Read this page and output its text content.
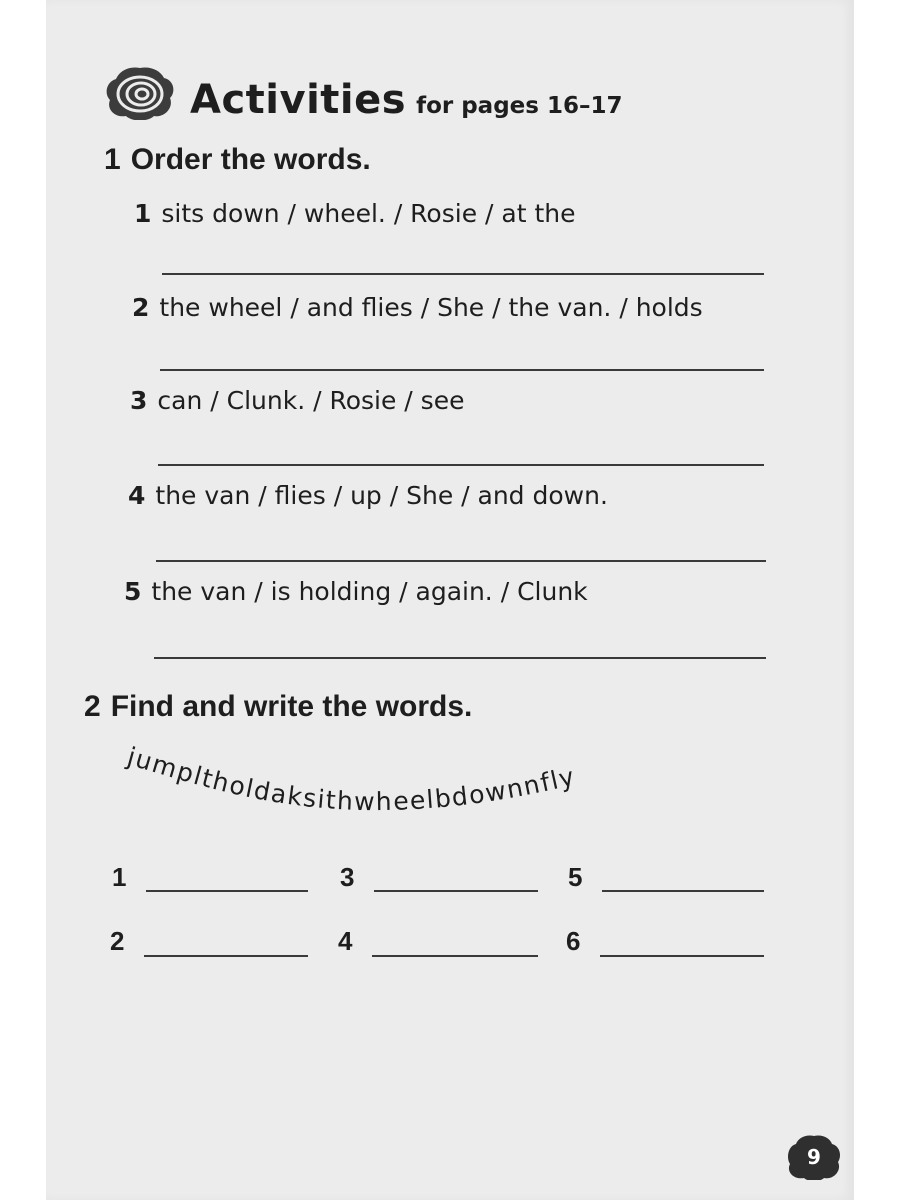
Activities for pages 16–17
1 Order the words.
1 sits down / wheel. / Rosie / at the
2 the wheel / and flies / She / the van. / holds
3 can / Clunk. / Rosie / see
4 the van / flies / up / She / and down.
5 the van / is holding / again. / Clunk
2 Find and write the words.
jumpltholdaksithwheelbdownnfly
1	3	5
2	4	6
9
